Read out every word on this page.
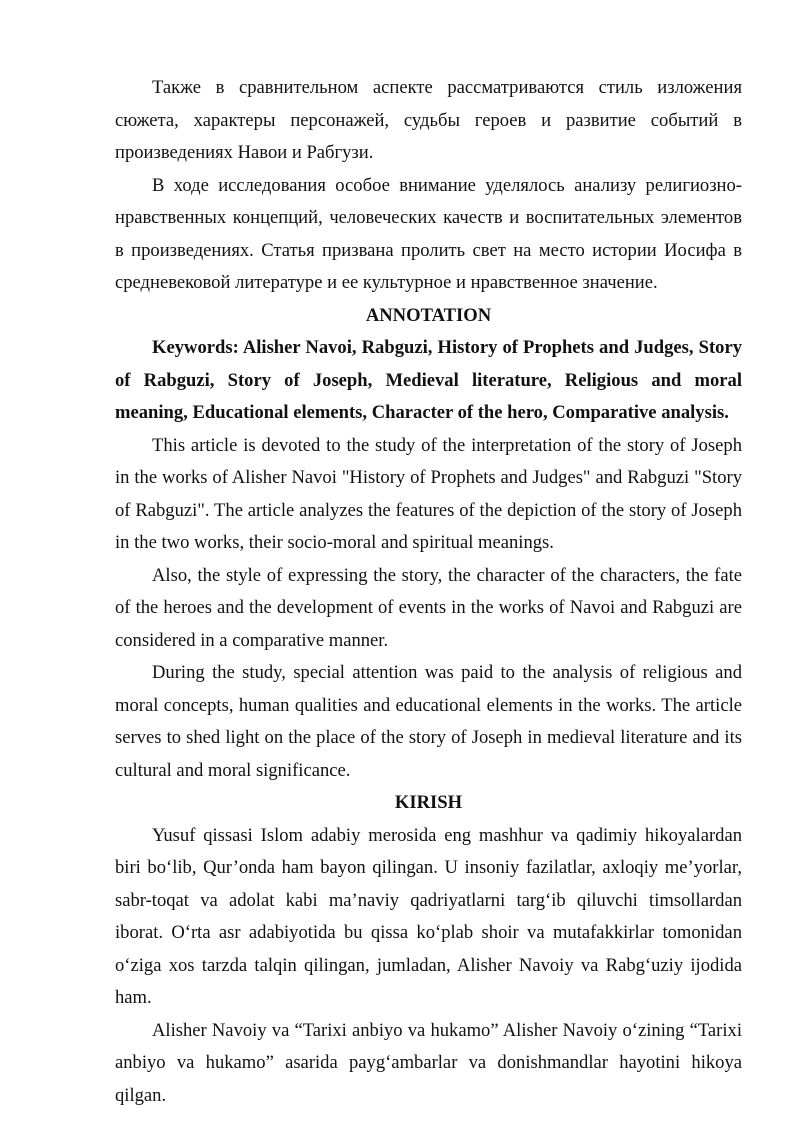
Также в сравнительном аспекте рассматриваются стиль изложения сюжета, характеры персонажей, судьбы героев и развитие событий в произведениях Навои и Рабгузи.

В ходе исследования особое внимание уделялось анализу религиозно-нравственных концепций, человеческих качеств и воспитательных элементов в произведениях. Статья призвана пролить свет на место истории Иосифа в средневековой литературе и ее культурное и нравственное значение.

ANNOTATION

Keywords: Alisher Navoi, Rabguzi, History of Prophets and Judges, Story of Rabguzi, Story of Joseph, Medieval literature, Religious and moral meaning, Educational elements, Character of the hero, Comparative analysis.

This article is devoted to the study of the interpretation of the story of Joseph in the works of Alisher Navoi "History of Prophets and Judges" and Rabguzi "Story of Rabguzi". The article analyzes the features of the depiction of the story of Joseph in the two works, their socio-moral and spiritual meanings.

Also, the style of expressing the story, the character of the characters, the fate of the heroes and the development of events in the works of Navoi and Rabguzi are considered in a comparative manner.

During the study, special attention was paid to the analysis of religious and moral concepts, human qualities and educational elements in the works. The article serves to shed light on the place of the story of Joseph in medieval literature and its cultural and moral significance.

KIRISH

Yusuf qissasi Islom adabiy merosida eng mashhur va qadimiy hikoyalardan biri bo‘lib, Qur’onda ham bayon qilingan. U insoniy fazilatlar, axloqiy me’yorlar, sabr-toqat va adolat kabi ma’naviy qadriyatlarni targ‘ib qiluvchi timsollardan iborat. O‘rta asr adabiyotida bu qissa ko‘plab shoir va mutafakkirlar tomonidan o‘ziga xos tarzda talqin qilingan, jumladan, Alisher Navoiy va Rabg‘uziy ijodida ham.

Alisher Navoiy va “Tarixi anbiyo va hukamo” Alisher Navoiy o‘zining “Tarixi anbiyo va hukamo” asarida payg‘ambarlar va donishmandlar hayotini hikoya qilgan.
